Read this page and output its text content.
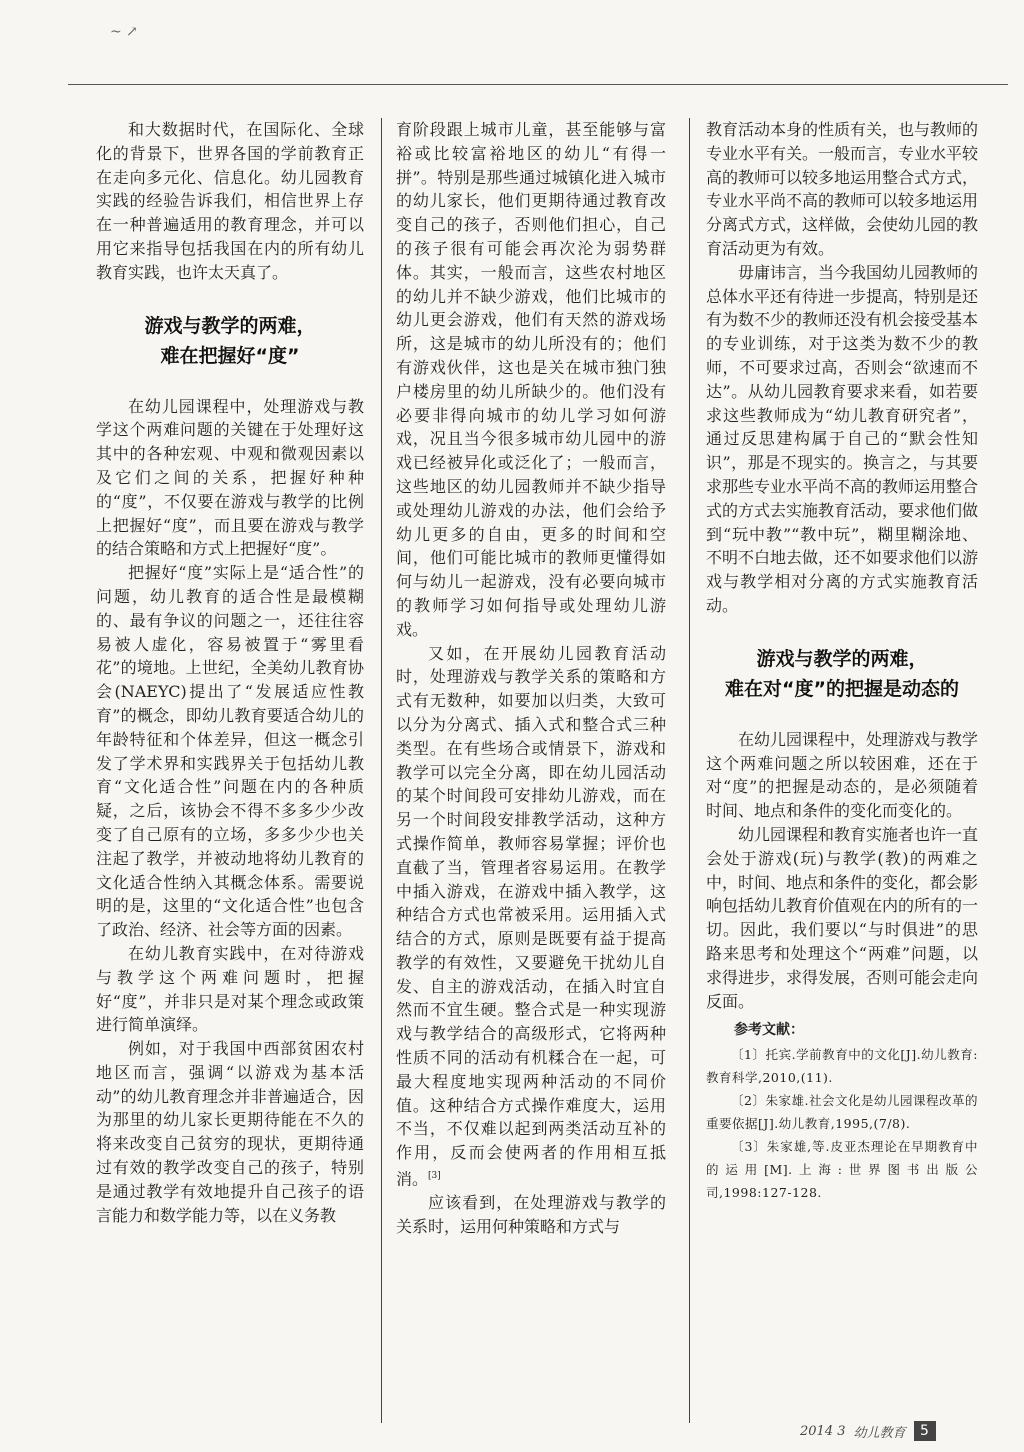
~ ↗

和大数据时代，在国际化、全球化的背景下，世界各国的学前教育正在走向多元化、信息化。幼儿园教育实践的经验告诉我们，相信世界上存在一种普遍适用的教育理念，并可以用它来指导包括我国在内的所有幼儿教育实践，也许太天真了。

游戏与教学的两难，
难在把握好“度”

在幼儿园课程中，处理游戏与教学这个两难问题的关键在于处理好这其中的各种宏观、中观和微观因素以及它们之间的关系，把握好种种的“度”，不仅要在游戏与教学的比例上把握好“度”，而且要在游戏与教学的结合策略和方式上把握好“度”。

把握好“度”实际上是“适合性”的问题，幼儿教育的适合性是最模糊的、最有争议的问题之一，还往往容易被人虚化，容易被置于“雾里看花”的境地。上世纪，全美幼儿教育协会(NAEYC)提出了“发展适应性教育”的概念，即幼儿教育要适合幼儿的年龄特征和个体差异，但这一概念引发了学术界和实践界关于包括幼儿教育“文化适合性”问题在内的各种质疑，之后，该协会不得不多多少少改变了自己原有的立场，多多少少也关注起了教学，并被动地将幼儿教育的文化适合性纳入其概念体系。需要说明的是，这里的“文化适合性”也包含了政治、经济、社会等方面的因素。

在幼儿教育实践中，在对待游戏与教学这个两难问题时，把握好“度”，并非只是对某个理念或政策进行简单演绎。

例如，对于我国中西部贫困农村地区而言，强调“以游戏为基本活动”的幼儿教育理念并非普遍适合，因为那里的幼儿家长更期待能在不久的将来改变自己贫穷的现状，更期待通过有效的教学改变自己的孩子，特别是通过教学有效地提升自己孩子的语言能力和数学能力等，以在义务教

育阶段跟上城市儿童，甚至能够与富裕或比较富裕地区的幼儿“有得一拼”。特别是那些通过城镇化进入城市的幼儿家长，他们更期待通过教育改变自己的孩子，否则他们担心，自己的孩子很有可能会再次沦为弱势群体。其实，一般而言，这些农村地区的幼儿并不缺少游戏，他们比城市的幼儿更会游戏，他们有天然的游戏场所，这是城市的幼儿所没有的；他们有游戏伙伴，这也是关在城市独门独户楼房里的幼儿所缺少的。他们没有必要非得向城市的幼儿学习如何游戏，况且当今很多城市幼儿园中的游戏已经被异化或泛化了；一般而言，这些地区的幼儿园教师并不缺少指导或处理幼儿游戏的办法，他们会给予幼儿更多的自由，更多的时间和空间，他们可能比城市的教师更懂得如何与幼儿一起游戏，没有必要向城市的教师学习如何指导或处理幼儿游戏。

又如，在开展幼儿园教育活动时，处理游戏与教学关系的策略和方式有无数种，如要加以归类，大致可以分为分离式、插入式和整合式三种类型。在有些场合或情景下，游戏和教学可以完全分离，即在幼儿园活动的某个时间段可安排幼儿游戏，而在另一个时间段安排教学活动，这种方式操作简单，教师容易掌握；评价也直截了当，管理者容易运用。在教学中插入游戏，在游戏中插入教学，这种结合方式也常被采用。运用插入式结合的方式，原则是既要有益于提高教学的有效性，又要避免干扰幼儿自发、自主的游戏活动，在插入时宜自然而不宜生硬。整合式是一种实现游戏与教学结合的高级形式，它将两种性质不同的活动有机糅合在一起，可最大程度地实现两种活动的不同价值。这种结合方式操作难度大，运用不当，不仅难以起到两类活动互补的作用，反而会使两者的作用相互抵消。[3]

应该看到，在处理游戏与教学的关系时，运用何种策略和方式与

教育活动本身的性质有关，也与教师的专业水平有关。一般而言，专业水平较高的教师可以较多地运用整合式方式，专业水平尚不高的教师可以较多地运用分离式方式，这样做，会使幼儿园的教育活动更为有效。

毋庸讳言，当今我国幼儿园教师的总体水平还有待进一步提高，特别是还有为数不少的教师还没有机会接受基本的专业训练，对于这类为数不少的教师，不可要求过高，否则会“欲速而不达”。从幼儿园教育要求来看，如若要求这些教师成为“幼儿教育研究者”，通过反思建构属于自己的“默会性知识”，那是不现实的。换言之，与其要求那些专业水平尚不高的教师运用整合式的方式去实施教育活动，要求他们做到“玩中教”“教中玩”，糊里糊涂地、不明不白地去做，还不如要求他们以游戏与教学相对分离的方式实施教育活动。

游戏与教学的两难，
难在对“度”的把握是动态的

在幼儿园课程中，处理游戏与教学这个两难问题之所以较困难，还在于对“度”的把握是动态的，是必须随着时间、地点和条件的变化而变化的。

幼儿园课程和教育实施者也许一直会处于游戏(玩)与教学(教)的两难之中，时间、地点和条件的变化，都会影响包括幼儿教育价值观在内的所有的一切。因此，我们要以“与时俱进”的思路来思考和处理这个“两难”问题，以求得进步，求得发展，否则可能会走向反面。

参考文献：
〔1〕托宾.学前教育中的文化[J].幼儿教育:教育科学,2010,(11).
〔2〕朱家雄.社会文化是幼儿园课程改革的重要依据[J].幼儿教育,1995,(7/8).
〔3〕朱家雄,等.皮亚杰理论在早期教育中的运用[M].上海:世界图书出版公司,1998:127-128.
2014 3 幼儿教育	5
